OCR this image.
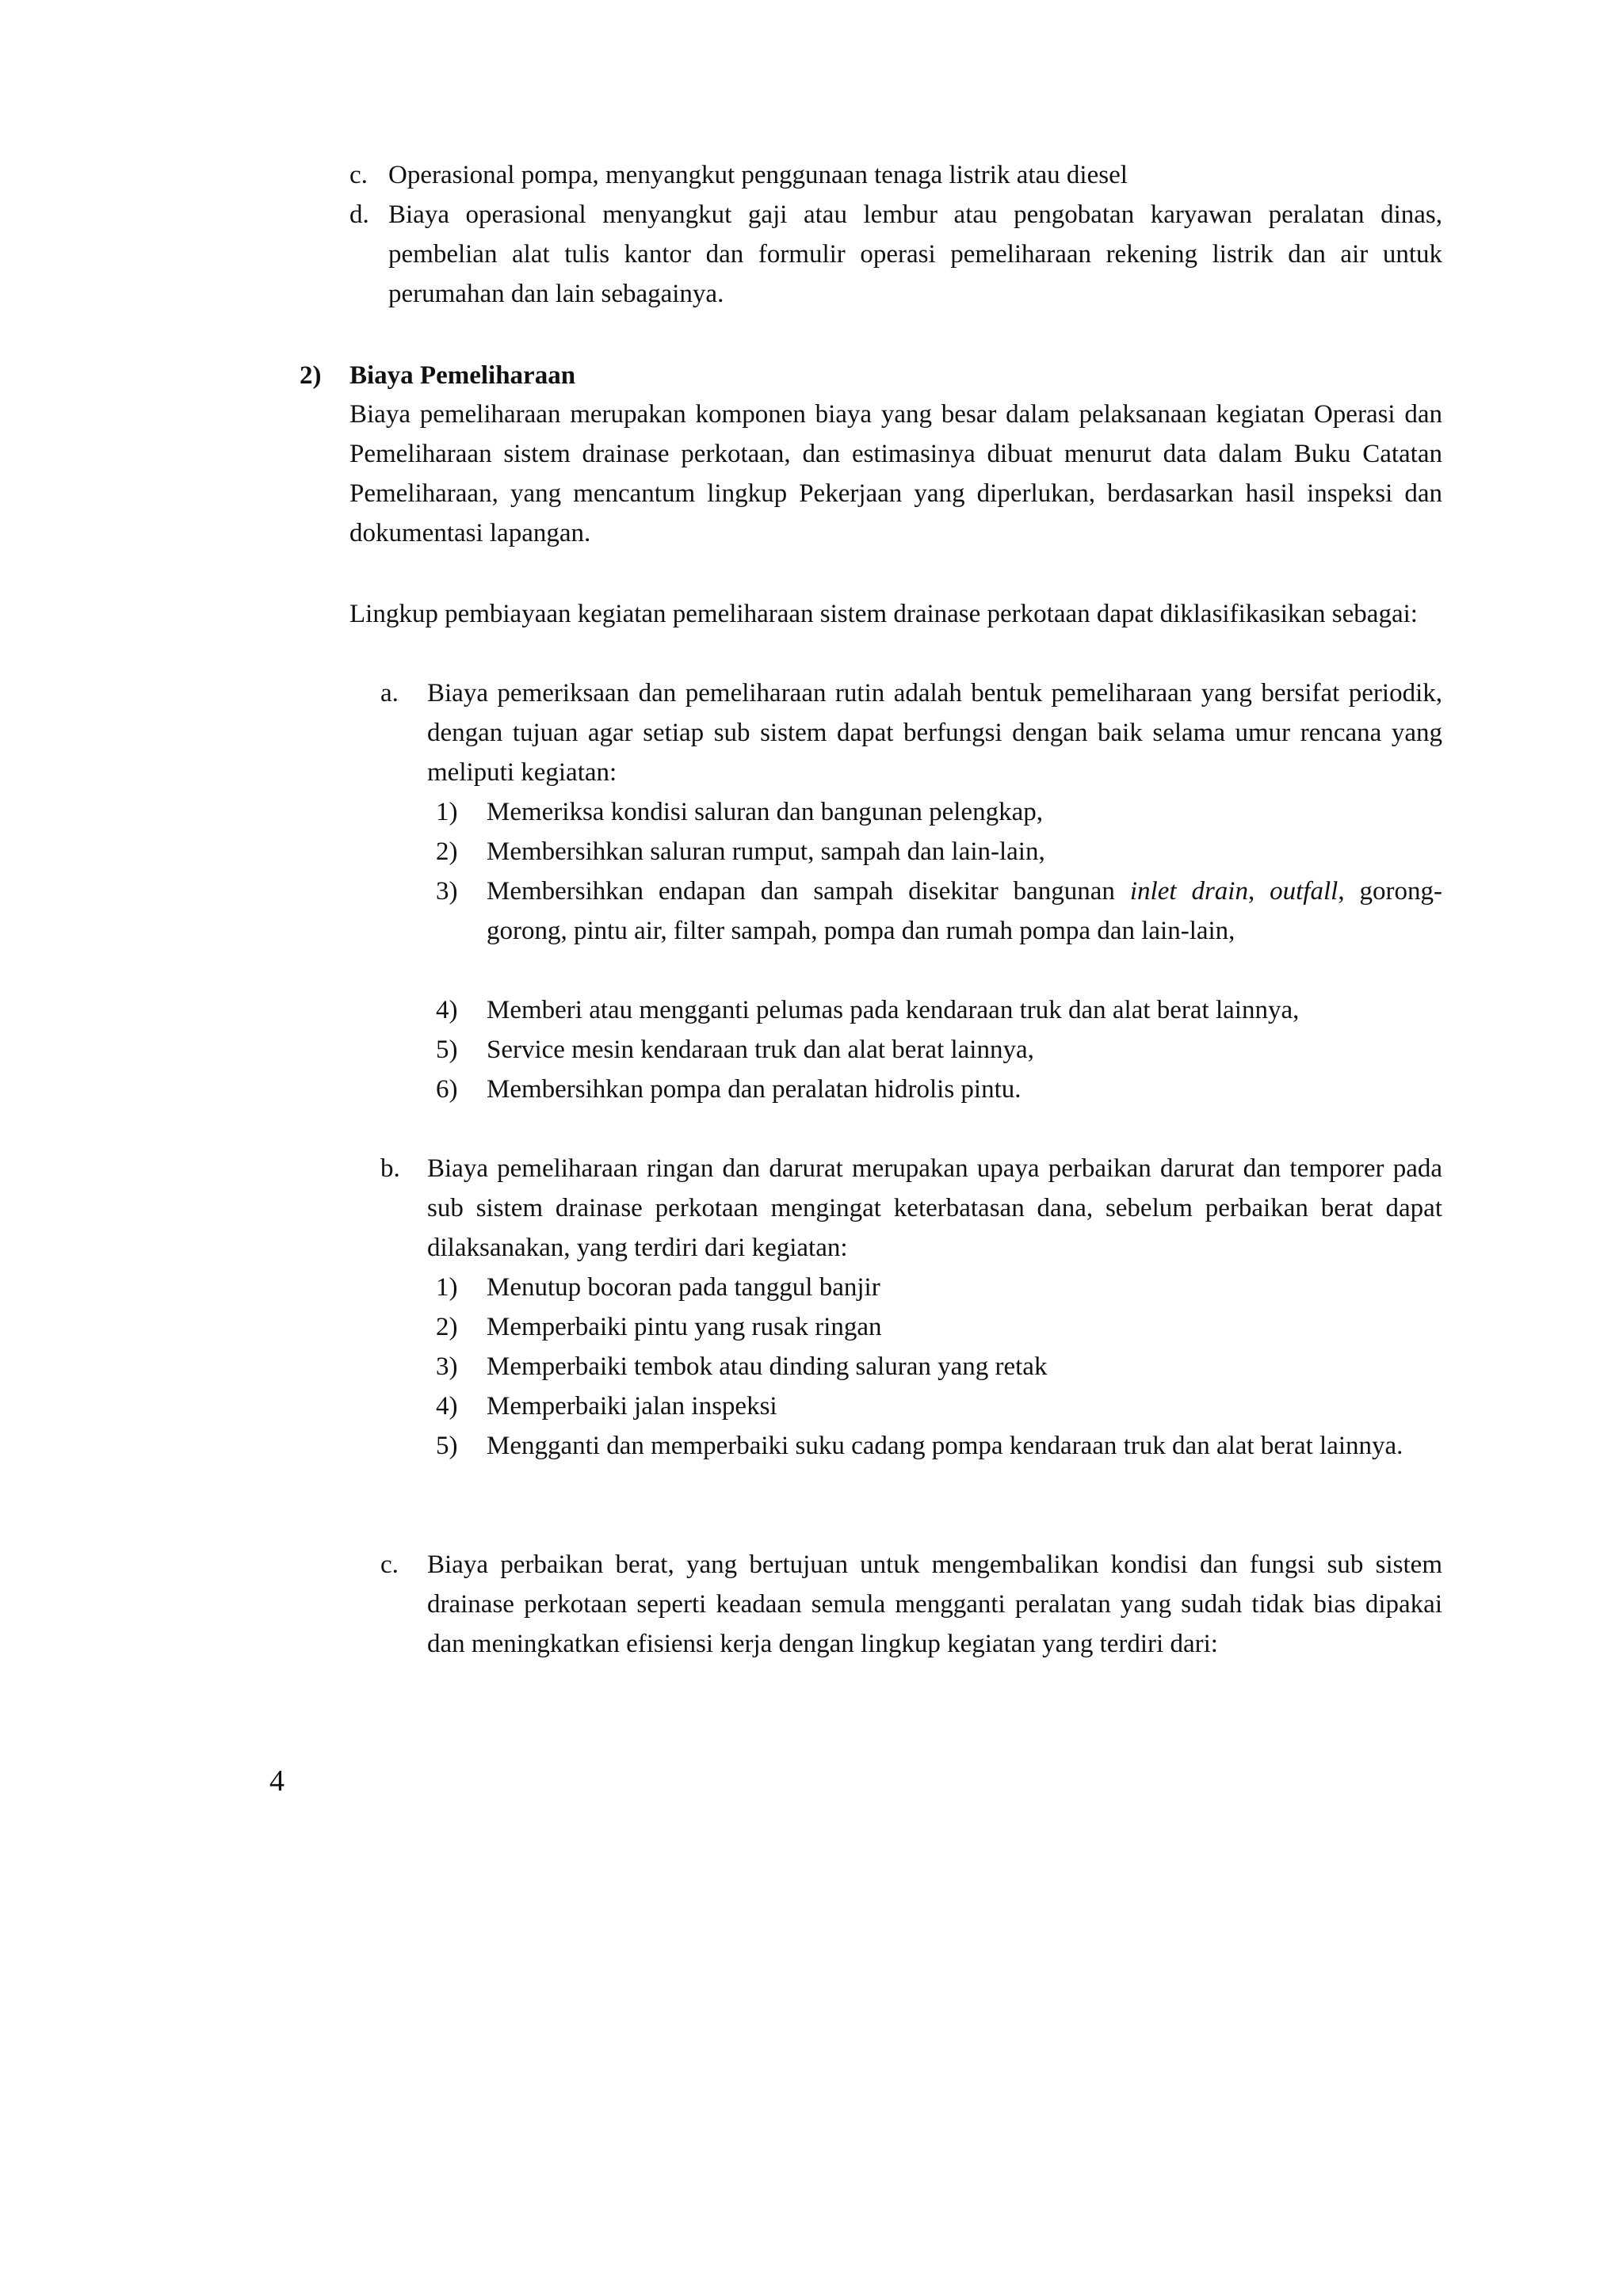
c. Operasional pompa, menyangkut penggunaan tenaga listrik atau diesel
d. Biaya operasional menyangkut gaji atau lembur atau pengobatan karyawan peralatan dinas, pembelian alat tulis kantor dan formulir operasi pemeliharaan rekening listrik dan air untuk perumahan dan lain sebagainya.
2) Biaya Pemeliharaan
Biaya pemeliharaan merupakan komponen biaya yang besar dalam pelaksanaan kegiatan Operasi dan Pemeliharaan sistem drainase perkotaan, dan estimasinya dibuat menurut data dalam Buku Catatan Pemeliharaan, yang mencantum lingkup Pekerjaan yang diperlukan, berdasarkan hasil inspeksi dan dokumentasi lapangan.
Lingkup pembiayaan kegiatan pemeliharaan sistem drainase perkotaan dapat diklasifikasikan sebagai:
a. Biaya pemeriksaan dan pemeliharaan rutin adalah bentuk pemeliharaan yang bersifat periodik, dengan tujuan agar setiap sub sistem dapat berfungsi dengan baik selama umur rencana yang meliputi kegiatan:
1) Memeriksa kondisi saluran dan bangunan pelengkap,
2) Membersihkan saluran rumput, sampah dan lain-lain,
3) Membersihkan endapan dan sampah disekitar bangunan inlet drain, outfall, gorong-gorong, pintu air, filter sampah, pompa dan rumah pompa dan lain-lain,
4) Memberi atau mengganti pelumas pada kendaraan truk dan alat berat lainnya,
5) Service mesin kendaraan truk dan alat berat lainnya,
6) Membersihkan pompa dan peralatan hidrolis pintu.
b. Biaya pemeliharaan ringan dan darurat merupakan upaya perbaikan darurat dan temporer pada sub sistem drainase perkotaan mengingat keterbatasan dana, sebelum perbaikan berat dapat dilaksanakan, yang terdiri dari kegiatan:
1) Menutup bocoran pada tanggul banjir
2) Memperbaiki pintu yang rusak ringan
3) Memperbaiki tembok atau dinding saluran yang retak
4) Memperbaiki jalan inspeksi
5) Mengganti dan memperbaiki suku cadang pompa kendaraan truk dan alat berat lainnya.
c. Biaya perbaikan berat, yang bertujuan untuk mengembalikan kondisi dan fungsi sub sistem drainase perkotaan seperti keadaan semula mengganti peralatan yang sudah tidak bias dipakai dan meningkatkan efisiensi kerja dengan lingkup kegiatan yang terdiri dari:
4
